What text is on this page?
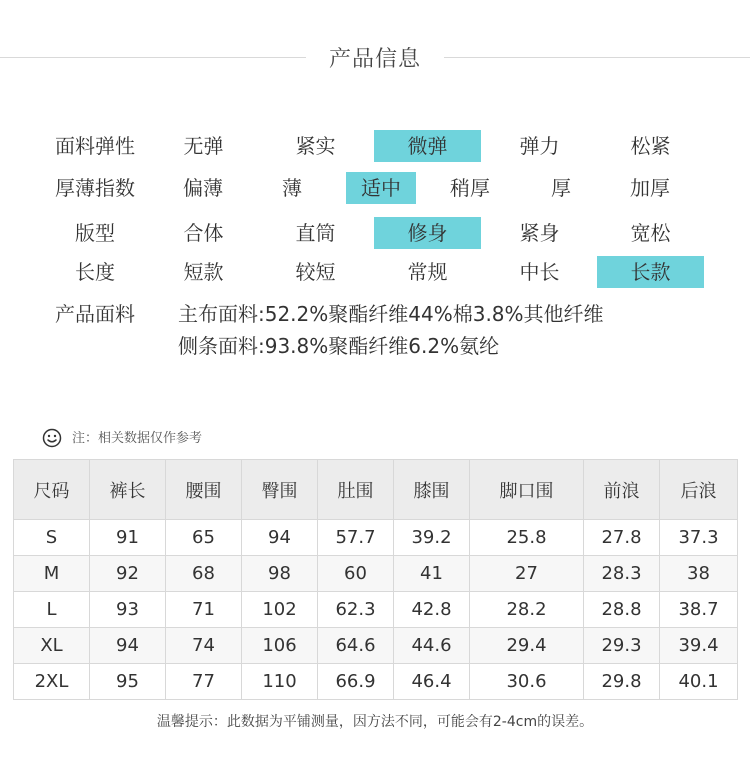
产品信息
面料弹性	无弹	紧实	微弹	弹力	松紧
厚薄指数	偏薄	薄	适中	稍厚	厚	加厚
版型	合体	直筒	修身	紧身	宽松
长度	短款	较短	常规	中长	长款
产品面料	主布面料:52.2%聚酯纤维44%棉3.8%其他纤维
侧条面料:93.8%聚酯纤维6.2%氨纶
注：相关数据仅作参考
尺码	裤长	腰围	臀围	肚围	膝围	脚口围	前浪	后浪
S	91	65	94	57.7	39.2	25.8	27.8	37.3
M	92	68	98	60	41	27	28.3	38
L	93	71	102	62.3	42.8	28.2	28.8	38.7
XL	94	74	106	64.6	44.6	29.4	29.3	39.4
2XL	95	77	110	66.9	46.4	30.6	29.8	40.1
温馨提示：此数据为平铺测量，因方法不同，可能会有2-4cm的误差。
